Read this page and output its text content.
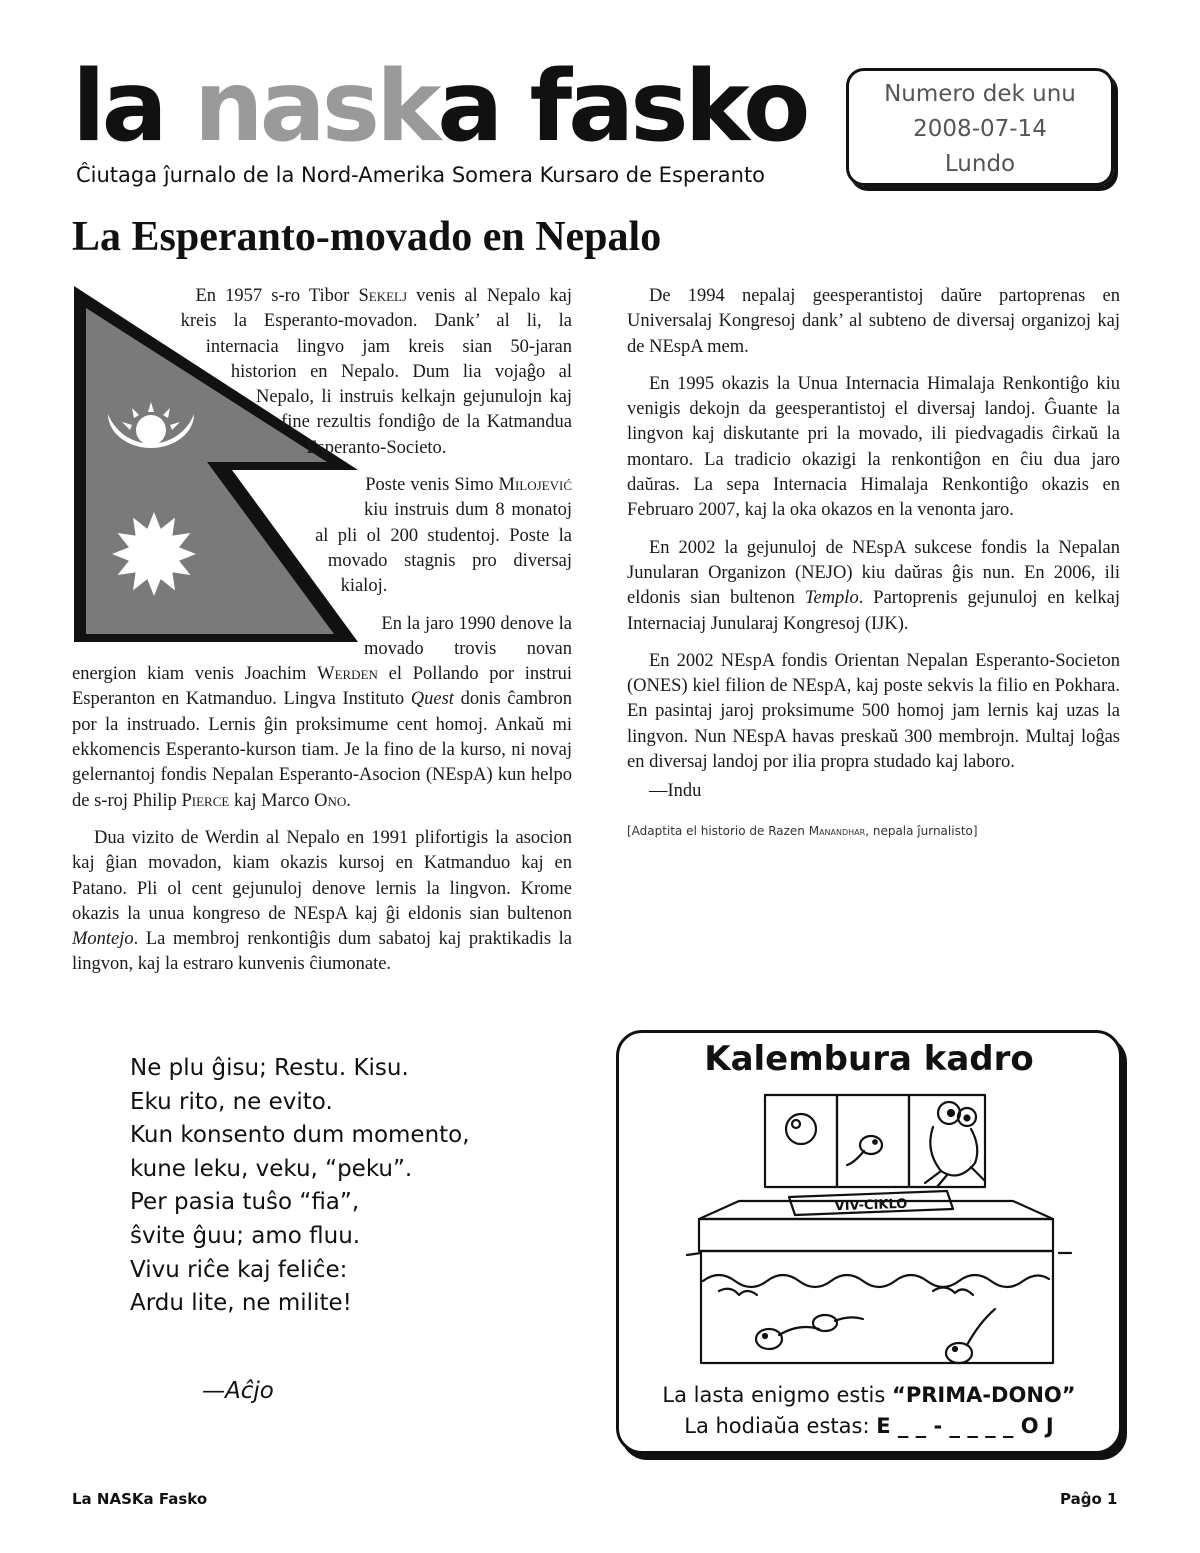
la naska fasko
Ĉiutaga ĵurnalo de la Nord-Amerika Somera Kursaro de Esperanto
Numero dek unu
2008-07-14
Lundo
La Esperanto-movado en Nepalo

En 1957 s-ro Tibor Sekelj venis al Nepalo kaj kreis la Esperanto-movadon. Dank’ al li, la internacia lingvo jam kreis sian 50-jaran historion en Nepalo. Dum lia vojaĝo al Nepalo, li instruis kelkajn gejunulojn kaj fine rezultis fondiĝo de la Katmandua Esperanto-Societo.

Poste venis Simo Milojević kiu instruis dum 8 monatoj al pli ol 200 studentoj. Poste la movado stagnis pro diversaj kialoj.

En la jaro 1990 denove la movado trovis novan energion kiam venis Joachim Werden el Pollando por instrui Esperanton en Katmanduo. Lingva Instituto Quest donis ĉambron por la instruado. Lernis ĝin proksimume cent homoj. Ankaŭ mi ekkomencis Esperanto-kurson tiam. Je la fino de la kurso, ni novaj gelernantoj fondis Nepalan Esperanto-Asocion (NEspA) kun helpo de s-roj Philip Pierce kaj Marco Ono.

Dua vizito de Werdin al Nepalo en 1991 plifortigis la asocion kaj ĝian movadon, kiam okazis kursoj en Katmanduo kaj en Patano. Pli ol cent gejunuloj denove lernis la lingvon. Krome okazis la unua kongreso de NEspA kaj ĝi eldonis sian bultenon Montejo. La membroj renkontiĝis dum sabatoj kaj praktikadis la lingvon, kaj la estraro kunvenis ĉiumonate.

De 1994 nepalaj geesperantistoj daŭre partoprenas en Universalaj Kongresoj dank’ al subteno de diversaj organizoj kaj de NEspA mem.

En 1995 okazis la Unua Internacia Himalaja Renkontiĝo kiu venigis dekojn da geesperantistoj el diversaj landoj. Ĝuante la lingvon kaj diskutante pri la movado, ili piedvagadis ĉirkaŭ la montaro. La tradicio okazigi la renkontiĝon en ĉiu dua jaro daŭras. La sepa Internacia Himalaja Renkontiĝo okazis en Februaro 2007, kaj la oka okazos en la venonta jaro.

En 2002 la gejunuloj de NEspA sukcese fondis la Nepalan Junularan Organizon (NEJO) kiu daŭras ĝis nun. En 2006, ili eldonis sian bultenon Templo. Partoprenis gejunuloj en kelkaj Internaciaj Junularaj Kongresoj (IJK).

En 2002 NEspA fondis Orientan Nepalan Esperanto-Societon (ONES) kiel filion de NEspA, kaj poste sekvis la filio en Pokhara. En pasintaj jaroj proksimume 500 homoj jam lernis kaj uzas la lingvon. Nun NEspA havas preskaŭ 300 membrojn. Multaj loĝas en diversaj landoj por ilia propra studado kaj laboro.

—Indu
[Adaptita el historio de Razen Manandhar, nepala ĵurnalisto]
Ne plu ĝisu; Restu. Kisu.
Eku rito, ne evito.
Kun konsento dum momento,
kune leku, veku, “peku”.
Per pasia tuŝo “fia”,
ŝvite ĝuu; amo fluu.
Vivu riĉe kaj feliĉe:
Ardu lite, ne milite!
—Aĉjo
Kalembura kadro
VIV-CIKLO
La lasta enigmo estis “PRIMA-DONO”
La hodiaŭa estas: E _ _ - _ _ _ _ O J
La NASKa Fasko	Paĝo 1
